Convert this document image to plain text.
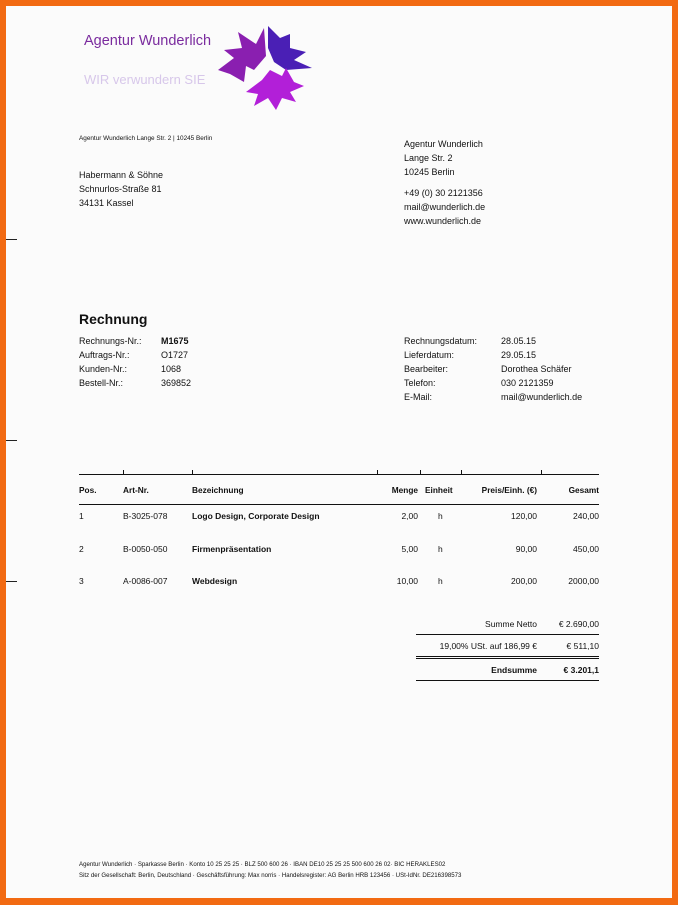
Agentur Wunderlich
WIR verwundern SIE
Agentur Wunderlich Lange Str. 2 | 10245 Berlin
Habermann & Söhne
Schnurlos-Straße 81
34131 Kassel
Agentur Wunderlich
Lange Str. 2
10245 Berlin
+49 (0) 30 2121356
mail@wunderlich.de
www.wunderlich.de
Rechnung
Rechnungs-Nr.:	M1675
Auftrags-Nr.:	O1727
Kunden-Nr.:	1068
Bestell-Nr.:	369852
Rechnungsdatum:	28.05.15
Lieferdatum:	29.05.15
Bearbeiter:	Dorothea Schäfer
Telefon:	030 2121359
E-Mail:	mail@wunderlich.de
Pos.	Art-Nr.	Bezeichnung	Menge Einheit	Preis/Einh. (€)	Gesamt
1	B-3025-078	Logo Design, Corporate Design	2,00 h	120,00	240,00
2	B-0050-050	Firmenpräsentation	5,00 h	90,00	450,00
3	A-0086-007	Webdesign	10,00 h	200,00	2000,00
Summe Netto	€ 2.690,00
19,00% USt. auf 186,99 €	€ 511,10
Endsumme	€ 3.201,1
Agentur Wunderlich · Sparkasse Berlin · Konto 10 25 25 25 · BLZ 500 600 26 · IBAN DE10 25 25 25 500 600 26 02· BIC HERAKLES02
Sitz der Gesellschaft: Berlin, Deutschland · Geschäftsführung: Max norris · Handelsregister: AG Berlin HRB 123456 · USt-IdNr. DE216398573
